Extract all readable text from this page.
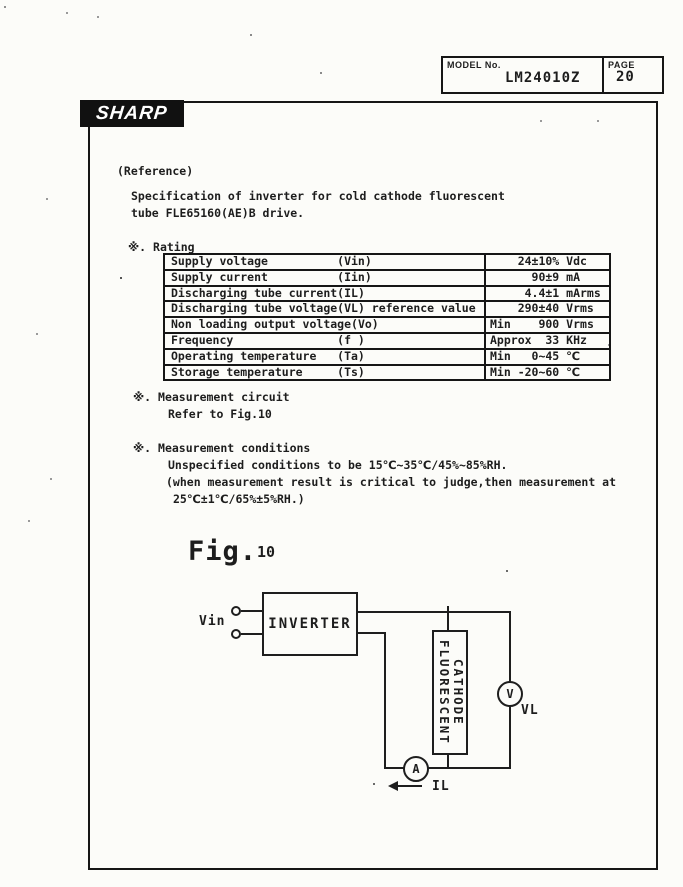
MODEL No.
LM24010Z
PAGE
20
SHARP
(Reference)
Specification of inverter for cold cathode fluorescent
tube FLE65160(AE)B drive.
※. Rating
Supply voltage	(Vin)	24±10% Vdc
Supply current	(Iin)	90±9 mA
Discharging tube current(IL)	4.4±1 mArms
Discharging tube voltage(VL) reference value	290±40 Vrms
Non loading output voltage(Vo)	Min    900 Vrms
Frequency	(f )	Approx  33 KHz
Operating temperature (Ta)	Min   0~45 ℃
Storage temperature	(Ts)	Min -20~60 ℃
※. Measurement circuit
Refer to Fig.10
※. Measurement conditions
Unspecified conditions to be 15℃~35℃/45%~85%RH.
(when measurement result is critical to judge,then measurement at
25℃±1℃/65%±5%RH.)
Fig.10
Vin	INVERTER
CATHODE
FLUORESCENT	V
VL
A
IL
